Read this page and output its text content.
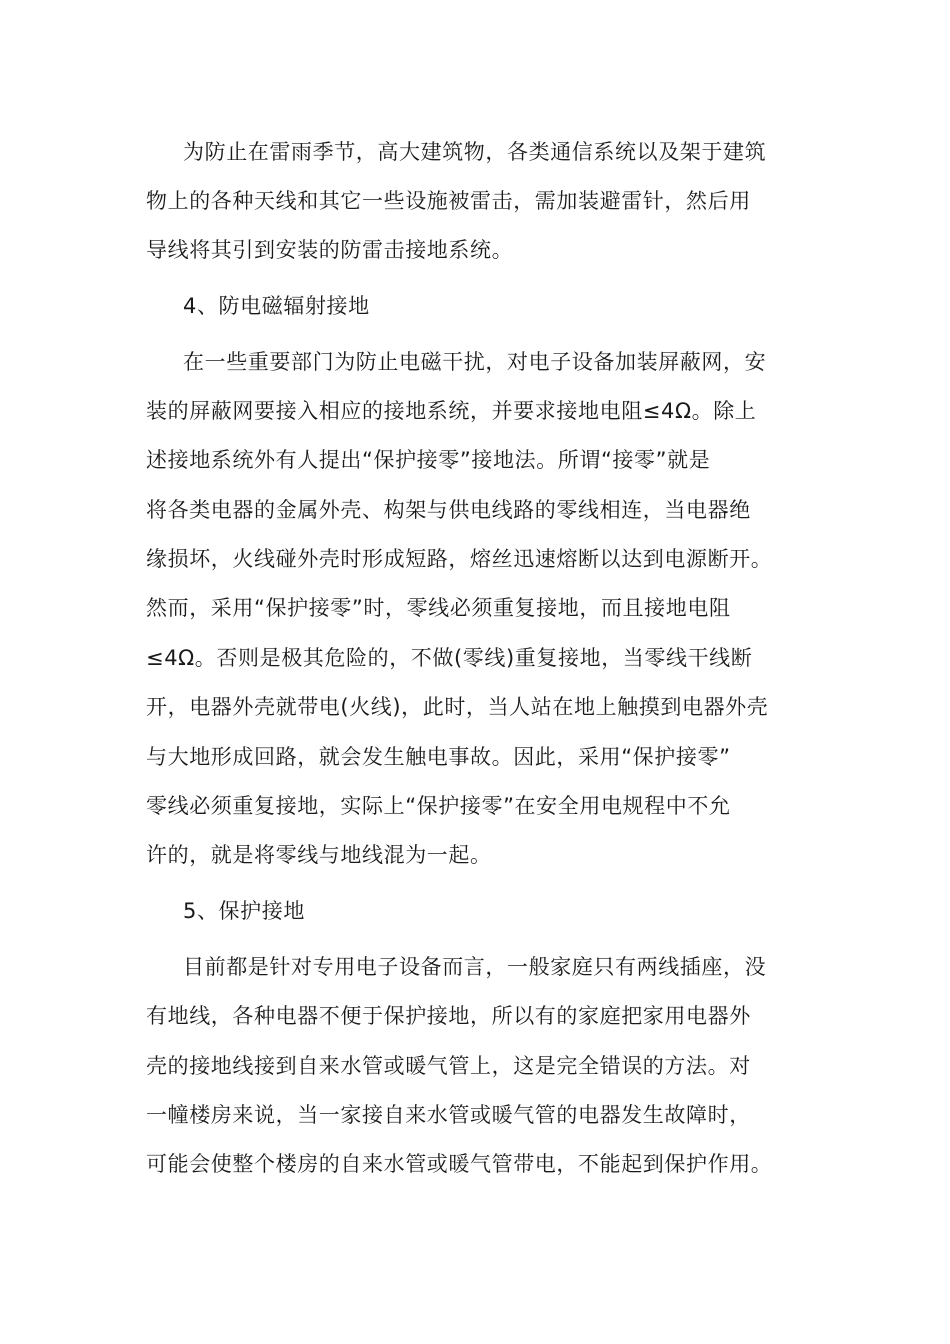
为防止在雷雨季节，高大建筑物，各类通信系统以及架于建筑
物上的各种天线和其它一些设施被雷击，需加装避雷针，然后用
导线将其引到安装的防雷击接地系统。
4、防电磁辐射接地
在一些重要部门为防止电磁干扰，对电子设备加装屏蔽网，安
装的屏蔽网要接入相应的接地系统，并要求接地电阻≤4Ω。除上
述接地系统外有人提出“保护接零”接地法。所谓“接零”就是
将各类电器的金属外壳、构架与供电线路的零线相连，当电器绝
缘损坏，火线碰外壳时形成短路，熔丝迅速熔断以达到电源断开。
然而，采用“保护接零”时，零线必须重复接地，而且接地电阻
≤4Ω。否则是极其危险的，不做(零线)重复接地，当零线干线断
开，电器外壳就带电(火线)，此时，当人站在地上触摸到电器外壳
与大地形成回路，就会发生触电事故。因此，采用“保护接零”
零线必须重复接地，实际上“保护接零”在安全用电规程中不允
许的，就是将零线与地线混为一起。
5、保护接地
目前都是针对专用电子设备而言，一般家庭只有两线插座，没
有地线，各种电器不便于保护接地，所以有的家庭把家用电器外
壳的接地线接到自来水管或暖气管上，这是完全错误的方法。对
一幢楼房来说，当一家接自来水管或暖气管的电器发生故障时，
可能会使整个楼房的自来水管或暖气管带电，不能起到保护作用。
